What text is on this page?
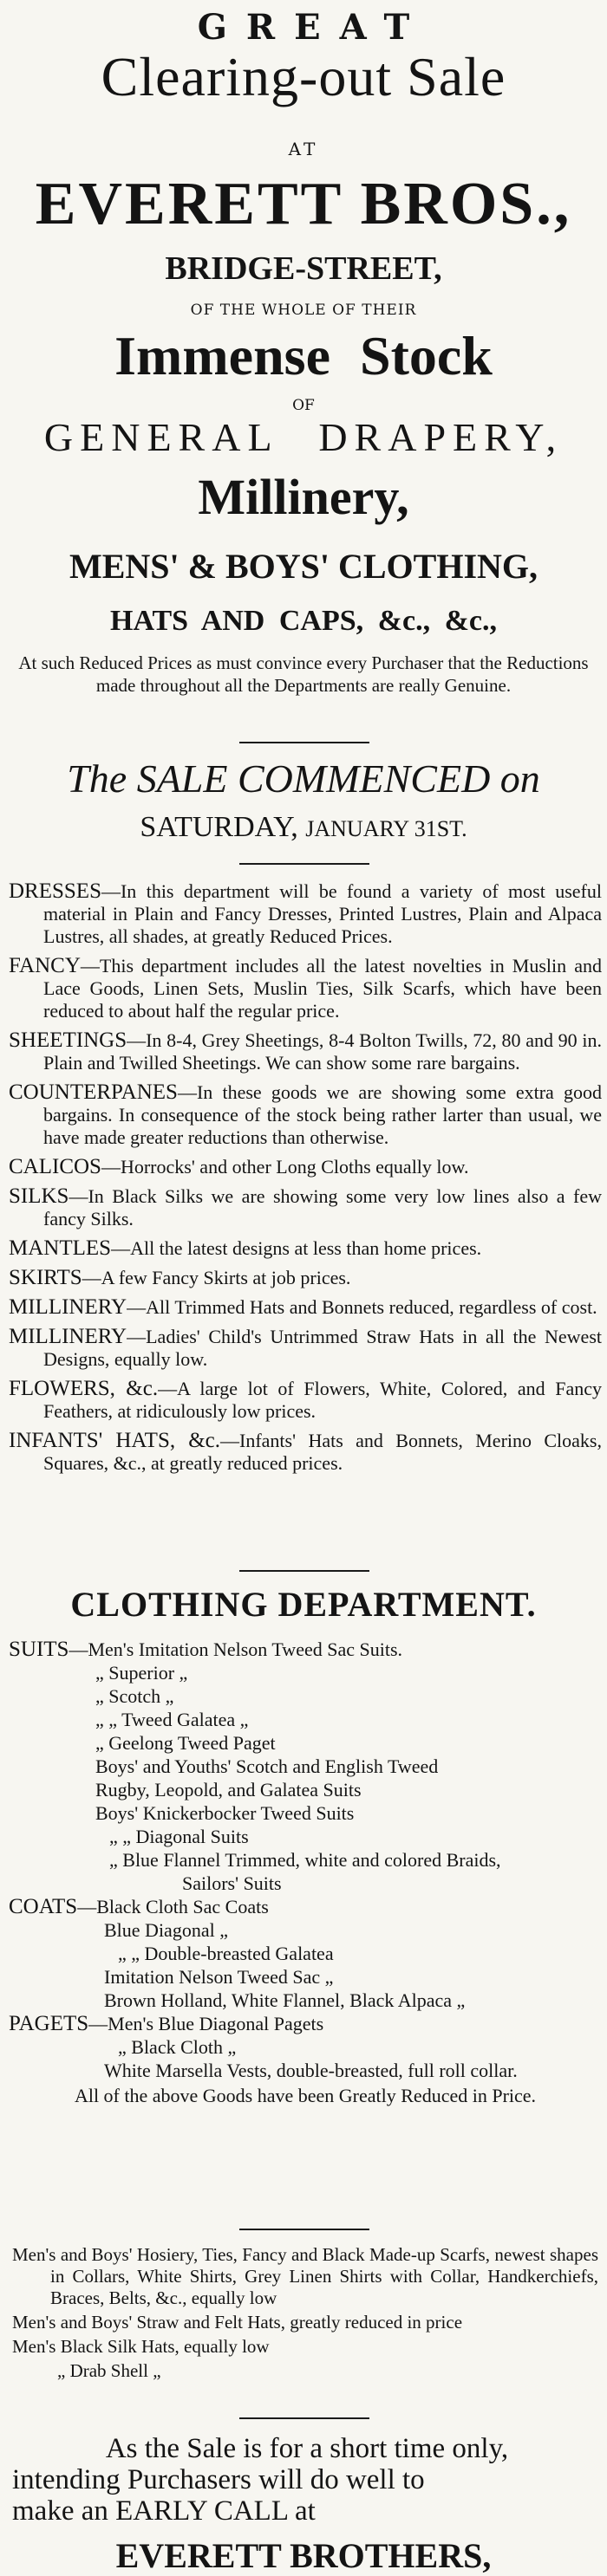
GREAT
Clearing-out Sale
AT
EVERETT BROS.,
BRIDGE-STREET,
OF THE WHOLE OF THEIR
Immense Stock
OF
GENERAL DRAPERY,
Millinery,
MENS' & BOYS' CLOTHING,
HATS AND CAPS, &c., &c.,
At such Reduced Prices as must convince every Purchaser that the Reductions made throughout all the Departments are really Genuine.
The SALE COMMENCED on
SATURDAY, JANUARY 31ST.

DRESSES—In this department will be found a variety of most useful material in Plain and Fancy Dresses, Printed Lustres, Plain and Alpaca Lustres, all shades, at greatly Reduced Prices.

FANCY—This department includes all the latest novelties in Muslin and Lace Goods, Linen Sets, Muslin Ties, Silk Scarfs, which have been reduced to about half the regular price.

SHEETINGS—In 8-4, Grey Sheetings, 8-4 Bolton Twills, 72, 80 and 90 in. Plain and Twilled Sheetings. We can show some rare bargains.

COUNTERPANES—In these goods we are showing some extra good bargains. In consequence of the stock being rather larter than usual, we have made greater reductions than otherwise.

CALICOS—Horrocks' and other Long Cloths equally low.

SILKS—In Black Silks we are showing some very low lines also a few fancy Silks.

MANTLES—All the latest designs at less than home prices.

SKIRTS—A few Fancy Skirts at job prices.

MILLINERY—All Trimmed Hats and Bonnets reduced, regardless of cost.

MILLINERY—Ladies' Child's Untrimmed Straw Hats in all the Newest Designs, equally low.

FLOWERS, &c.—A large lot of Flowers, White, Colored, and Fancy Feathers, at ridiculously low prices.

INFANTS' HATS, &c.—Infants' Hats and Bonnets, Merino Cloaks, Squares, &c., at greatly reduced prices.

CLOTHING DEPARTMENT.
SUITS—Men's Imitation Nelson Tweed Sac Suits.
„ Superior „
„ Scotch „
„ „ Tweed Galatea „
„ Geelong Tweed Paget
Boys' and Youths' Scotch and English Tweed
Rugby, Leopold, and Galatea Suits
Boys' Knickerbocker Tweed Suits
„ „ Diagonal Suits
„ Blue Flannel Trimmed, white and colored Braids,
Sailors' Suits
COATS—Black Cloth Sac Coats
Blue Diagonal „
„ „ Double-breasted Galatea
Imitation Nelson Tweed Sac „
Brown Holland, White Flannel, Black Alpaca „
PAGETS—Men's Blue Diagonal Pagets
„ Black Cloth „
White Marsella Vests, double-breasted, full roll collar.
All of the above Goods have been Greatly Reduced in Price.

Men's and Boys' Hosiery, Ties, Fancy and Black Made-up Scarfs, newest shapes in Collars, White Shirts, Grey Linen Shirts with Collar, Handkerchiefs, Braces, Belts, &c., equally low

Men's and Boys' Straw and Felt Hats, greatly reduced in price

Men's Black Silk Hats, equally low

„ Drab Shell „

As the Sale is for a short time only,

intending Purchasers will do well to

make an EARLY CALL at

EVERETT BROTHERS,
